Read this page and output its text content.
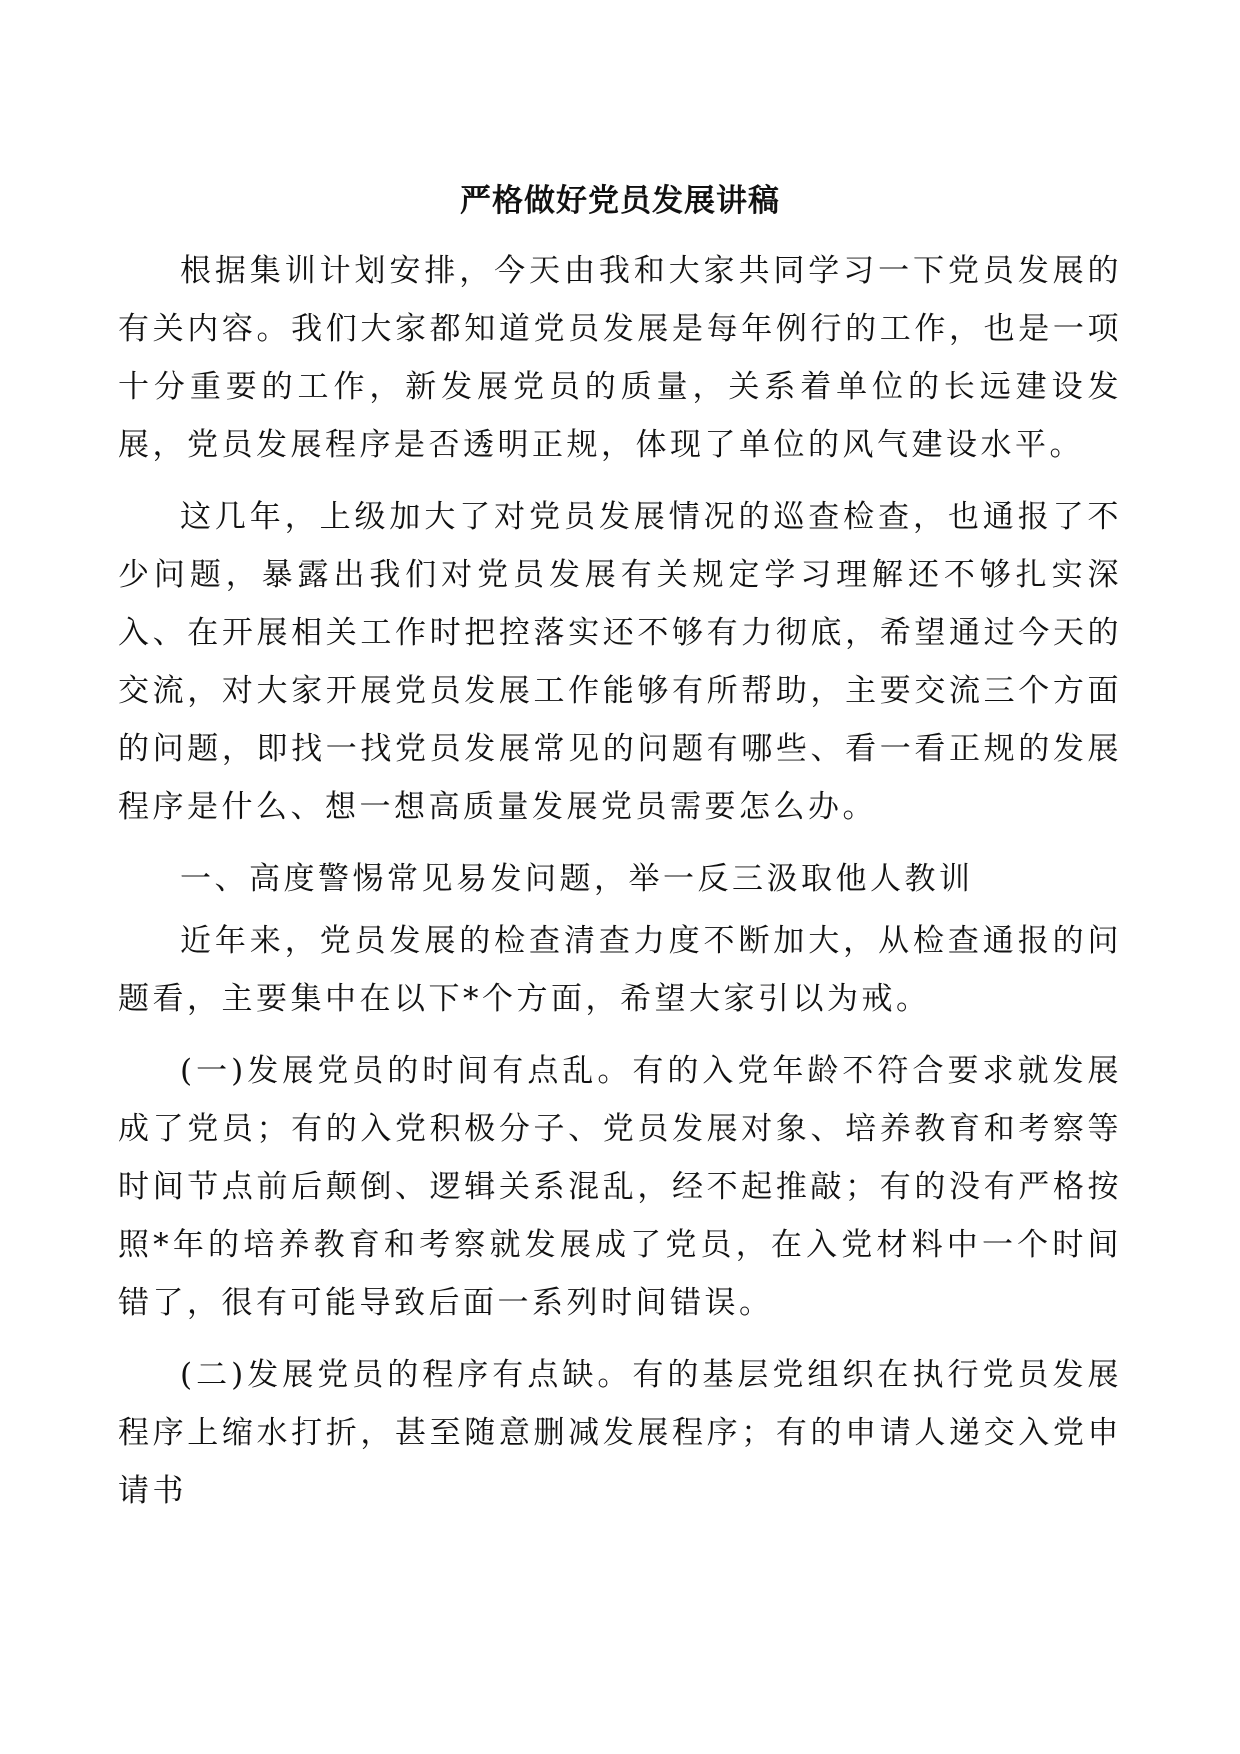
严格做好党员发展讲稿

根据集训计划安排，今天由我和大家共同学习一下党员发展的有关内容。我们大家都知道党员发展是每年例行的工作，也是一项十分重要的工作，新发展党员的质量，关系着单位的长远建设发展，党员发展程序是否透明正规，体现了单位的风气建设水平。

这几年，上级加大了对党员发展情况的巡查检查，也通报了不少问题，暴露出我们对党员发展有关规定学习理解还不够扎实深入、在开展相关工作时把控落实还不够有力彻底，希望通过今天的交流，对大家开展党员发展工作能够有所帮助，主要交流三个方面的问题，即找一找党员发展常见的问题有哪些、看一看正规的发展程序是什么、想一想高质量发展党员需要怎么办。

一、高度警惕常见易发问题，举一反三汲取他人教训

近年来，党员发展的检查清查力度不断加大，从检查通报的问题看，主要集中在以下*个方面，希望大家引以为戒。

(一)发展党员的时间有点乱。有的入党年龄不符合要求就发展成了党员；有的入党积极分子、党员发展对象、培养教育和考察等时间节点前后颠倒、逻辑关系混乱，经不起推敲；有的没有严格按照*年的培养教育和考察就发展成了党员，在入党材料中一个时间错了，很有可能导致后面一系列时间错误。

(二)发展党员的程序有点缺。有的基层党组织在执行党员发展程序上缩水打折，甚至随意删减发展程序；有的申请人递交入党申请书
